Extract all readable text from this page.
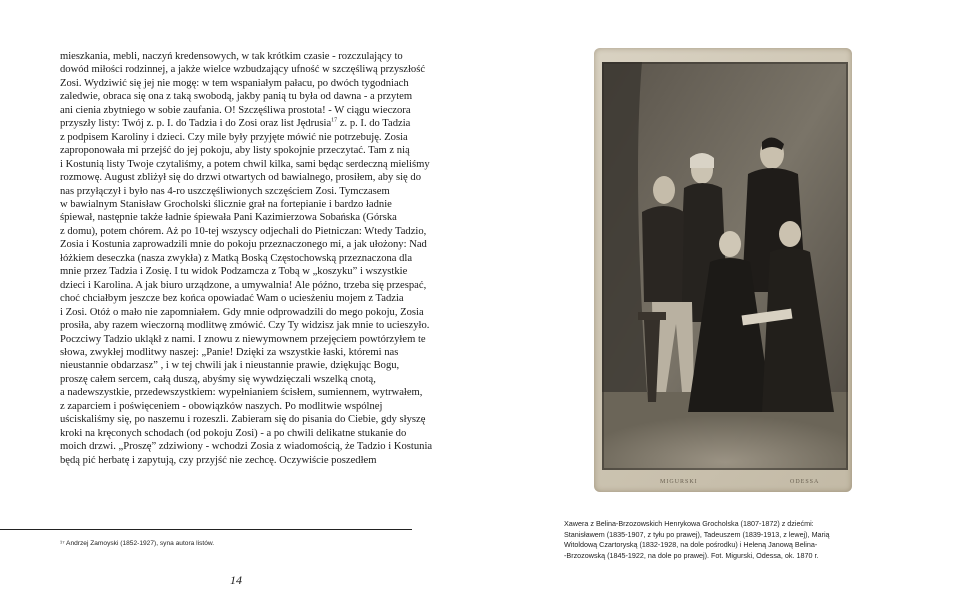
mieszkania, mebli, naczyń kredensowych, w tak krótkim czasie - rozczulający to
dowód miłości rodzinnej, a jakże wielce wzbudzający ufność w szczęśliwą przyszłość
Zosi. Wydziwić się jej nie mogę: w tem wspaniałym pałacu, po dwóch tygodniach
zaledwie, obraca się ona z taką swobodą, jakby panią tu była od dawna - a przytem
ani cienia zbytniego w sobie zaufania. O! Szczęśliwa prostota! - W ciągu wieczora
przyszły listy: Twój z. p. I. do Tadzia i do Zosi oraz list Jędrusia$^{17}$ z. p. I. do Tadzia
z podpisem Karoliny i dzieci. Czy mile były przyjęte mówić nie potrzebuję. Zosia
zaproponowała mi przejść do jej pokoju, aby listy spokojnie przeczytać. Tam z nią
i Kostunią listy Twoje czytaliśmy, a potem chwil kilka, sami będąc serdeczną mieliśmy
rozmowę. August zbliżył się do drzwi otwartych od bawialnego, prosiłem, aby się do
nas przyłączył i było nas 4-ro uszczęśliwionych szczęściem Zosi. Tymczasem
w bawialnym Stanisław Grocholski ślicznie grał na fortepianie i bardzo ładnie
śpiewał, następnie także ładnie śpiewała Pani Kazimierzowa Sobańska (Górska
z domu), potem chórem. Aż po 10-tej wszyscy odjechali do Pietniczan: Wtedy Tadzio,
Zosia i Kostunia zaprowadzili mnie do pokoju przeznaczonego mi, a jak ułożony: Nad
łóżkiem deseczka (nasza zwykła) z Matką Boską Częstochowską przeznaczona dla
mnie przez Tadzia i Zosię. I tu widok Podzamcza z Tobą w „koszyku” i wszystkie
dzieci i Karolina. A jak biuro urządzone, a umywalnia! Ale późno, trzeba się przespać,
choć chciałbym jeszcze bez końca opowiadać Wam o uciesżeniu mojem z Tadzia
i Zosi. Otóż o mało nie zapomniałem. Gdy mnie odprowadzili do mego pokoju, Zosia
prosiła, aby razem wieczorną modlitwę zmówić. Czy Ty widzisz jak mnie to ucieszyło.
Poczciwy Tadzio ukląkł z nami. I znowu z niewymownem przejęciem powtórzyłem te
słowa, zwykłej modlitwy naszej: „Panie! Dzięki za wszystkie łaski, któremi nas
nieustannie obdarzasz” , i w tej chwili jak i nieustannie prawie, dziękując Bogu,
proszę całem sercem, całą duszą, abyśmy się wywdzięczali wszelką cnotą,
a nadewszystkie, przedewszystkiem: wypełnianiem ścisłem, sumiennem, wytrwałem,
z zaparciem i poświęceniem - obowiązków naszych. Po modlitwie wspólnej
uściskaliśmy się, po naszemu i rozeszli. Zabieram się do pisania do Ciebie, gdy słyszę
kroki na kręconych schodach (od pokoju Zosi) - a po chwili delikatne stukanie do
moich drzwi. „Proszę” zdziwiony - wchodzi Zosia z wiadomością, że Tadzio i Kostunia
będą pić herbatę i zapytują, czy przyjść nie zechcę. Oczywiście poszedłem
¹⁷ Andrzej Zamoyski (1852-1927), syna autora listów.
14
MIGURSKI	ODESSA
Xawera z Belina-Brzozowskich Henrykowa Grocholska (1807-1872) z dziećmi:
Stanisławem (1835-1907, z tyłu po prawej), Tadeuszem (1839-1913, z lewej), Marią
Witoldową Czartoryską (1832-1928, na dole pośrodku) i Heleną Janową Belina-
-Brzozowską (1845-1922, na dole po prawej). Fot. Migurski, Odessa, ok. 1870 r.
